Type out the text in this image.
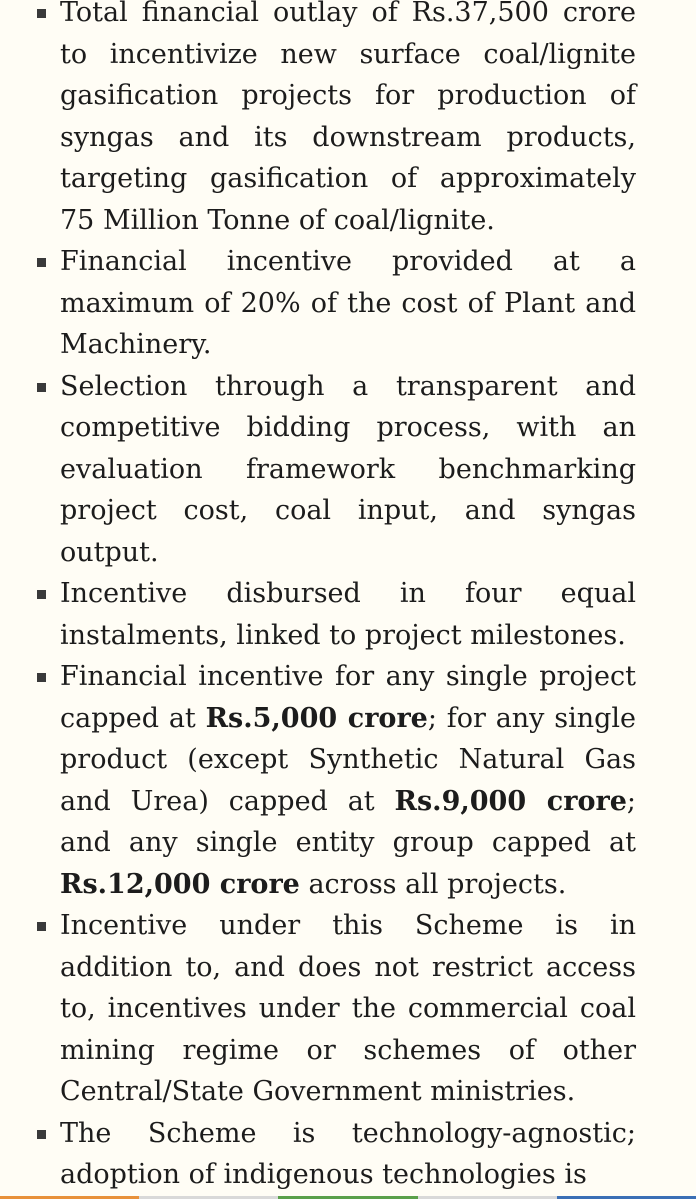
Total financial outlay of Rs.37,500 crore to incentivize new surface coal/lignite gasification projects for production of syngas and its downstream products, targeting gasification of approximately 75 Million Tonne of coal/lignite.
Financial incentive provided at a maximum of 20% of the cost of Plant and Machinery.
Selection through a transparent and competitive bidding process, with an evaluation framework benchmarking project cost, coal input, and syngas output.
Incentive disbursed in four equal instalments, linked to project milestones.
Financial incentive for any single project capped at Rs.5,000 crore; for any single product (except Synthetic Natural Gas and Urea) capped at Rs.9,000 crore; and any single entity group capped at Rs.12,000 crore across all projects.
Incentive under this Scheme is in addition to, and does not restrict access to, incentives under the commercial coal mining regime or schemes of other Central/State Government ministries.
The Scheme is technology-agnostic; adoption of indigenous technologies is
